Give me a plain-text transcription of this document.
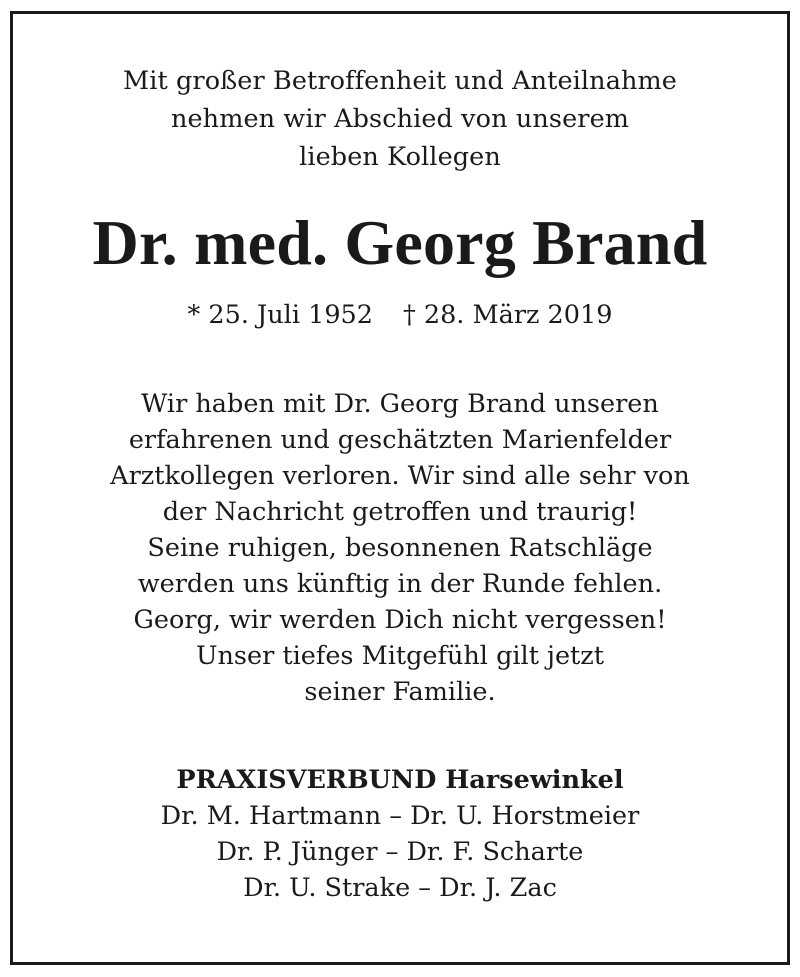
Mit großer Betroffenheit und Anteilnahme
nehmen wir Abschied von unserem
lieben Kollegen
Dr. med. Georg Brand
* 25. Juli 1952 † 28. März 2019
Wir haben mit Dr. Georg Brand unseren
erfahrenen und geschätzten Marienfelder
Arztkollegen verloren. Wir sind alle sehr von
der Nachricht getroffen und traurig!
Seine ruhigen, besonnenen Ratschläge
werden uns künftig in der Runde fehlen.
Georg, wir werden Dich nicht vergessen!
Unser tiefes Mitgefühl gilt jetzt
seiner Familie.
PRAXISVERBUND Harsewinkel
Dr. M. Hartmann – Dr. U. Horstmeier
Dr. P. Jünger – Dr. F. Scharte
Dr. U. Strake – Dr. J. Zac
